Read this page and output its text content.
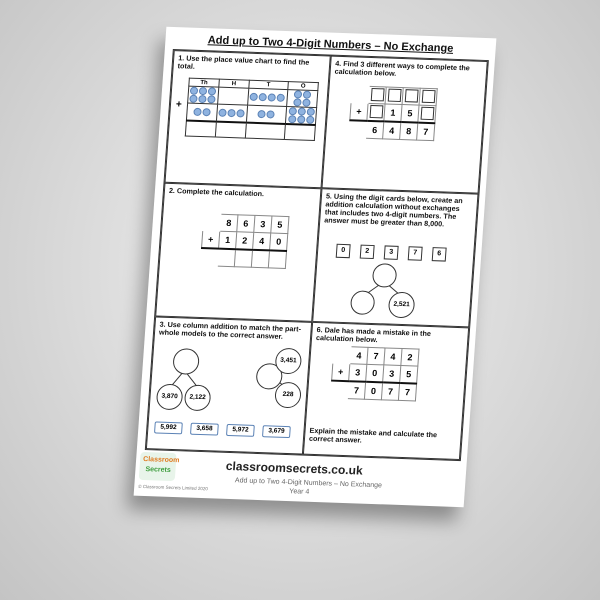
Add up to Two 4-Digit Numbers – No Exchange
1. Use the place value chart to find the total.
+
Th	H	T	O

4. Find 3 different ways to complete the calculation below.

+		1	5	
	6	4	8	7
2. Complete the calculation.
	8	6	3	5
+	1	2	4	0

5. Using the digit cards below, create an addition calculation without exchanges that includes two 4-digit numbers. The answer must be greater than 8,000.
0	2	3	7	6
2,521
3. Use column addition to match the part-whole models to the correct answer.
3,870	2,122
3,451
228
5,992	3,658	5,972	3,679
6. Dale has made a mistake in the calculation below.
	4	7	4	2
+	3	0	3	5
	7	0	7	7
Explain the mistake and calculate the correct answer.
Classroom
Secrets
© Classroom Secrets Limited 2020
classroomsecrets.co.uk
Add up to Two 4-Digit Numbers – No Exchange
Year 4
